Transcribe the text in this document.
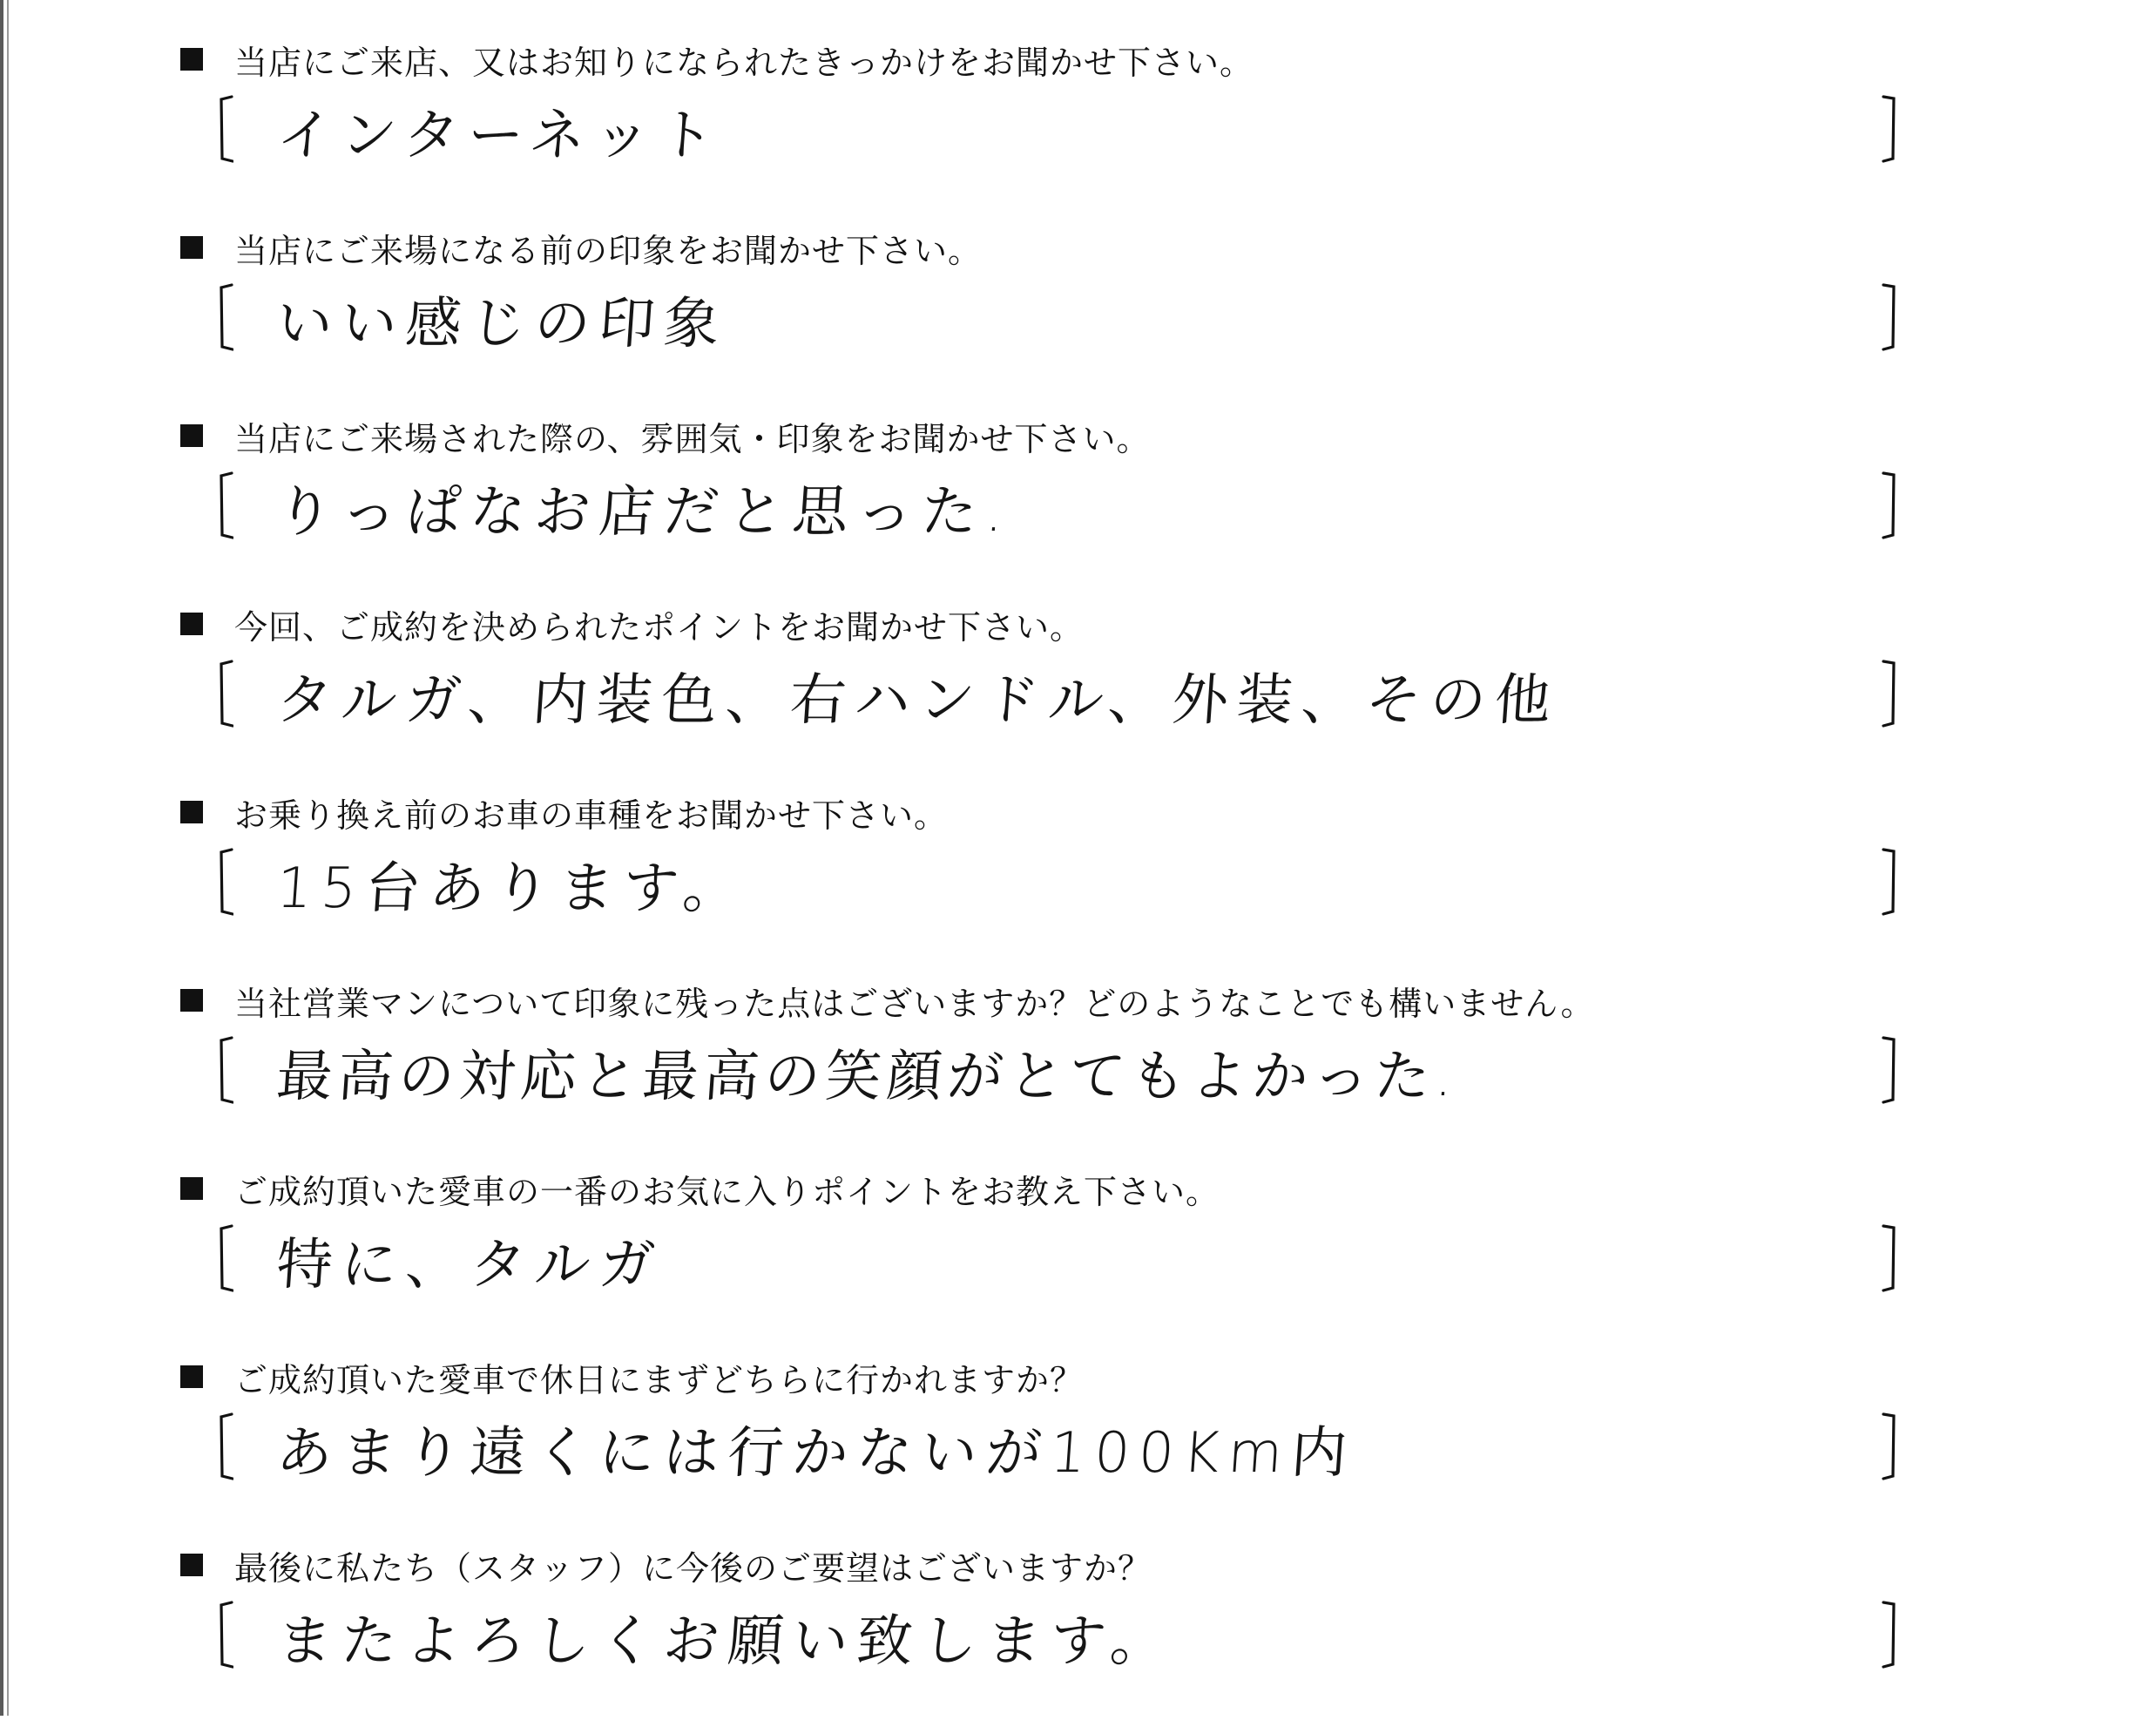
当店にご来店、又はお知りになられたきっかけをお聞かせ下さい。
インターネット
当店にご来場になる前の印象をお聞かせ下さい。
いい感じの印象
当店にご来場された際の、雰囲気・印象をお聞かせ下さい。
りっぱなお店だと思った.
今回、ご成約を決められたポイントをお聞かせ下さい。
タルガ、内装色、右ハンドル、外装、その他
お乗り換え前のお車の車種をお聞かせ下さい。
15台あります。
当社営業マンについて印象に残った点はございますか？どのようなことでも構いません。
最高の対応と最高の笑顔がとてもよかった.
ご成約頂いた愛車の一番のお気に入りポイントをお教え下さい。
特に、タルガ
ご成約頂いた愛車で休日にまずどちらに行かれますか？
あまり遠くには行かないが100Km内
最後に私たち（スタッフ）に今後のご要望はございますか？
またよろしくお願い致します。
